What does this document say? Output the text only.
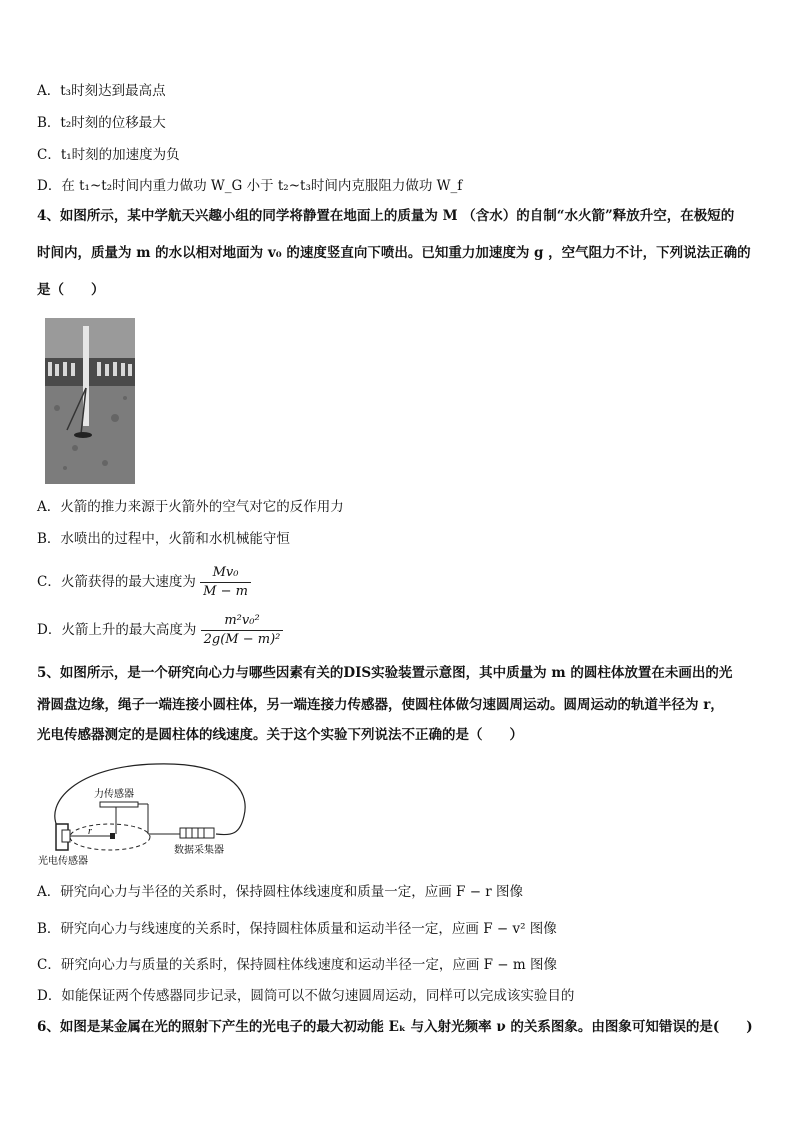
A．t₃时刻达到最高点
B．t₂时刻的位移最大
C．t₁时刻的加速度为负
D．在 t₁~t₂时间内重力做功 W_G 小于 t₂~t₃时间内克服阻力做功 W_f
4、如图所示，某中学航天兴趣小组的同学将静置在地面上的质量为 M （含水）的自制“水火箭”释放升空，在极短的
时间内，质量为 m 的水以相对地面为 v₀ 的速度竖直向下喷出。已知重力加速度为 g ，空气阻力不计，下列说法正确的
是（　　）
A．火箭的推力来源于火箭外的空气对它的反作用力
B．水喷出的过程中，火箭和水机械能守恒
C．火箭获得的最大速度为 $\frac{\text{Mv₀}}{M - m}$
D．火箭上升的最大高度为 $\frac{\text{m²v₀²}}{\text{2g(M − m)²}}$
5、如图所示，是一个研究向心力与哪些因素有关的DIS实验装置示意图，其中质量为 m 的圆柱体放置在未画出的光
滑圆盘边缘，绳子一端连接小圆柱体，另一端连接力传感器，使圆柱体做匀速圆周运动。圆周运动的轨道半径为 r，
光电传感器测定的是圆柱体的线速度。关于这个实验下列说法不正确的是（　　）
力传感器
r
光电传感器
数据采集器
A．研究向心力与半径的关系时，保持圆柱体线速度和质量一定，应画 F − r 图像
B．研究向心力与线速度的关系时，保持圆柱体质量和运动半径一定，应画 F − v² 图像
C．研究向心力与质量的关系时，保持圆柱体线速度和运动半径一定，应画 F − m 图像
D．如能保证两个传感器同步记录，圆筒可以不做匀速圆周运动，同样可以完成该实验目的
6、如图是某金属在光的照射下产生的光电子的最大初动能 Eₖ 与入射光频率 ν 的关系图象。由图象可知错误的是(　　)
